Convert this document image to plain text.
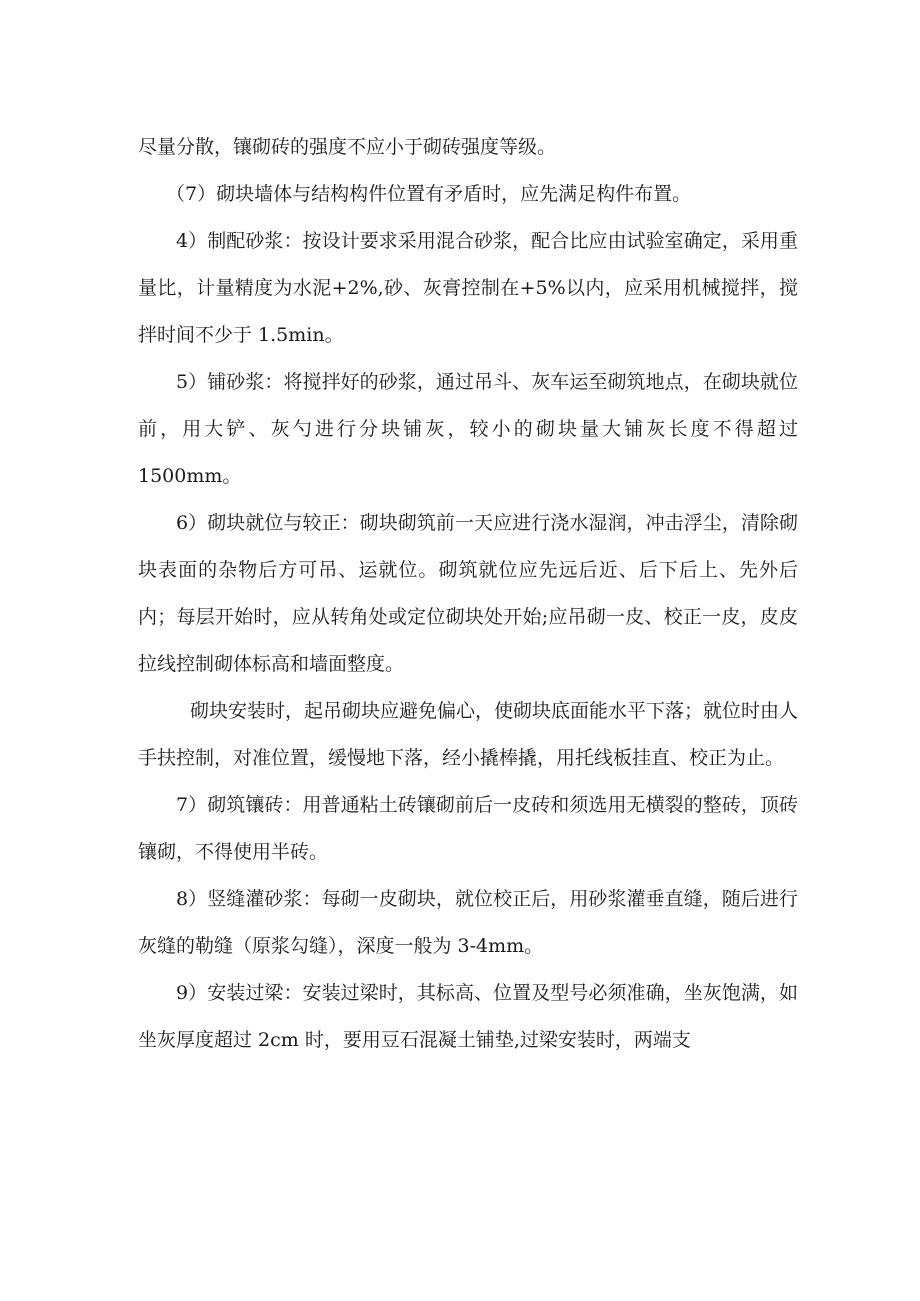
尽量分散，镶砌砖的强度不应小于砌砖强度等级。

（7）砌块墙体与结构构件位置有矛盾时，应先满足构件布置。

4）制配砂浆：按设计要求采用混合砂浆，配合比应由试验室确定，采用重量比，计量精度为水泥+2%,砂、灰膏控制在+5%以内，应采用机械搅拌，搅拌时间不少于 1.5min。

5）铺砂浆：将搅拌好的砂浆，通过吊斗、灰车运至砌筑地点，在砌块就位前，用大铲、灰勺进行分块铺灰，较小的砌块量大铺灰长度不得超过 1500mm。

6）砌块就位与较正：砌块砌筑前一天应进行浇水湿润，冲击浮尘，清除砌块表面的杂物后方可吊、运就位。砌筑就位应先远后近、后下后上、先外后内；每层开始时，应从转角处或定位砌块处开始;应吊砌一皮、校正一皮，皮皮拉线控制砌体标高和墙面整度。

砌块安装时，起吊砌块应避免偏心，使砌块底面能水平下落；就位时由人手扶控制，对准位置，缓慢地下落，经小撬棒撬，用托线板挂直、校正为止。

7）砌筑镶砖：用普通粘土砖镶砌前后一皮砖和须选用无横裂的整砖，顶砖镶砌，不得使用半砖。

8）竖缝灌砂浆：每砌一皮砌块，就位校正后，用砂浆灌垂直缝，随后进行灰缝的勒缝（原浆勾缝），深度一般为 3-4mm。

9）安装过梁：安装过梁时，其标高、位置及型号必须准确，坐灰饱满，如坐灰厚度超过 2cm 时，要用豆石混凝土铺垫,过梁安装时，两端支
